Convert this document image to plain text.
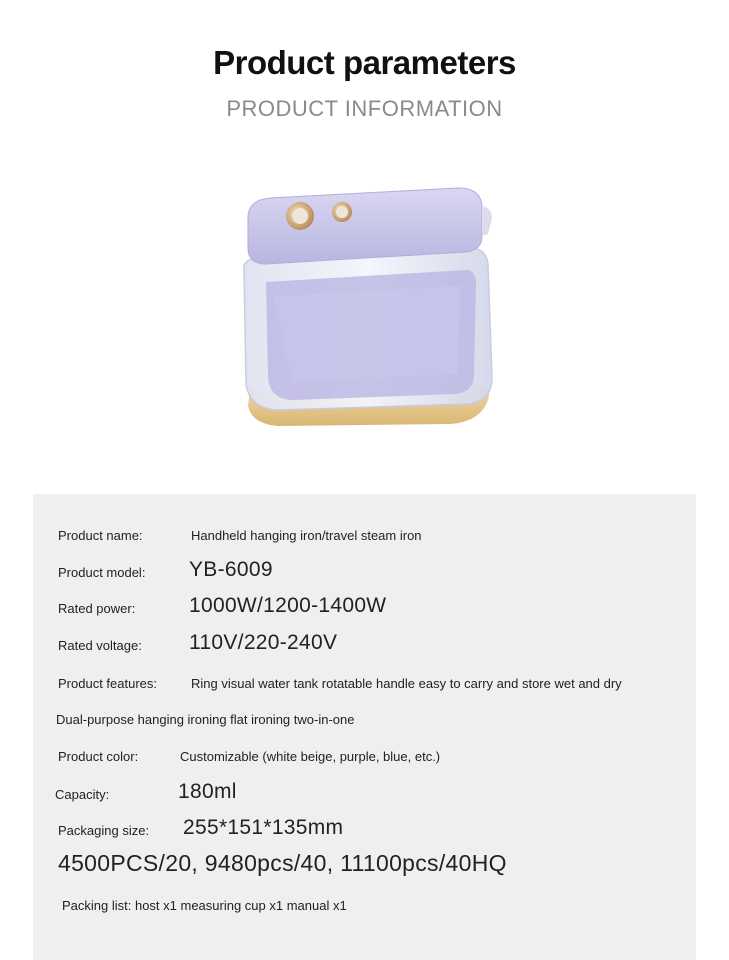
Product parameters
PRODUCT INFORMATION
Product name:	Handheld hanging iron/travel steam iron
Product model: YB-6009
Rated power:	1000W/1200-1400W
Rated voltage: 110V/220-240V
Product features:	Ring visual water tank rotatable handle easy to carry and store wet and dry
Dual-purpose hanging ironing flat ironing two-in-one
Product color:	Customizable (white beige, purple, blue, etc.)
Capacity:	180ml
Packaging size: 255*151*135mm
4500PCS/20, 9480pcs/40, 11100pcs/40HQ
Packing list: host x1 measuring cup x1 manual x1
